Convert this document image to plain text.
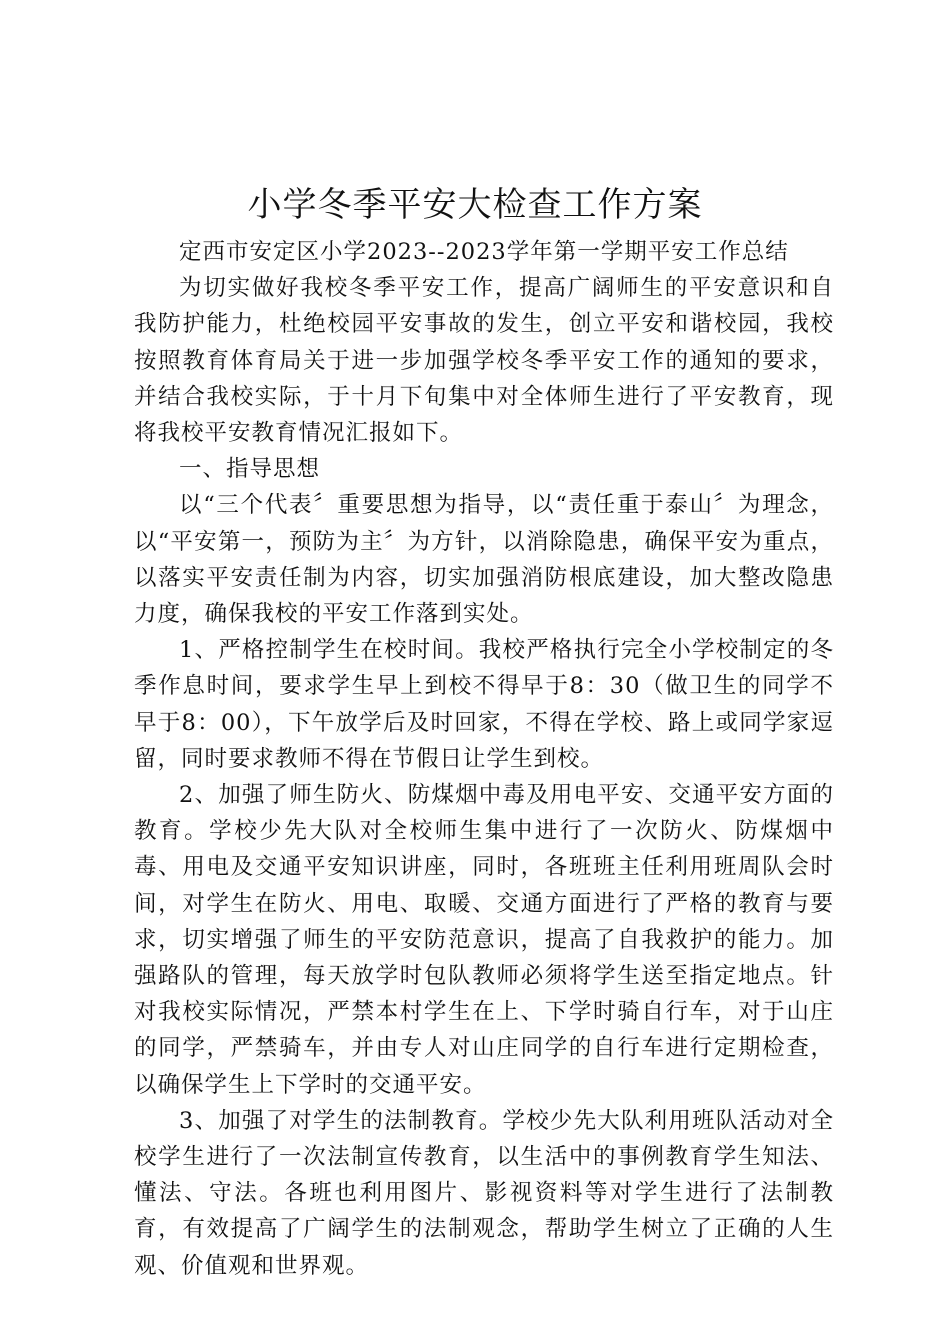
小学冬季平安大检查工作方案

定西市安定区小学2023--2023学年第一学期平安工作总结

为切实做好我校冬季平安工作，提高广阔师生的平安意识和自我防护能力，杜绝校园平安事故的发生，创立平安和谐校园，我校按照教育体育局关于进一步加强学校冬季平安工作的通知的要求，并结合我校实际，于十月下旬集中对全体师生进行了平安教育，现将我校平安教育情况汇报如下。

一、指导思想

以“三个代表〞重要思想为指导，以“责任重于泰山〞为理念，以“平安第一，预防为主〞为方针，以消除隐患，确保平安为重点，以落实平安责任制为内容，切实加强消防根底建设，加大整改隐患力度，确保我校的平安工作落到实处。

1、严格控制学生在校时间。我校严格执行完全小学校制定的冬季作息时间，要求学生早上到校不得早于8：30（做卫生的同学不早于8：00），下午放学后及时回家，不得在学校、路上或同学家逗留，同时要求教师不得在节假日让学生到校。

2、加强了师生防火、防煤烟中毒及用电平安、交通平安方面的教育。学校少先大队对全校师生集中进行了一次防火、防煤烟中毒、用电及交通平安知识讲座，同时，各班班主任利用班周队会时间，对学生在防火、用电、取暖、交通方面进行了严格的教育与要求，切实增强了师生的平安防范意识，提高了自我救护的能力。加强路队的管理，每天放学时包队教师必须将学生送至指定地点。针对我校实际情况，严禁本村学生在上、下学时骑自行车，对于山庄的同学，严禁骑车，并由专人对山庄同学的自行车进行定期检查，以确保学生上下学时的交通平安。

3、加强了对学生的法制教育。学校少先大队利用班队活动对全校学生进行了一次法制宣传教育，以生活中的事例教育学生知法、懂法、守法。各班也利用图片、影视资料等对学生进行了法制教育，有效提高了广阔学生的法制观念，帮助学生树立了正确的人生观、价值观和世界观。
